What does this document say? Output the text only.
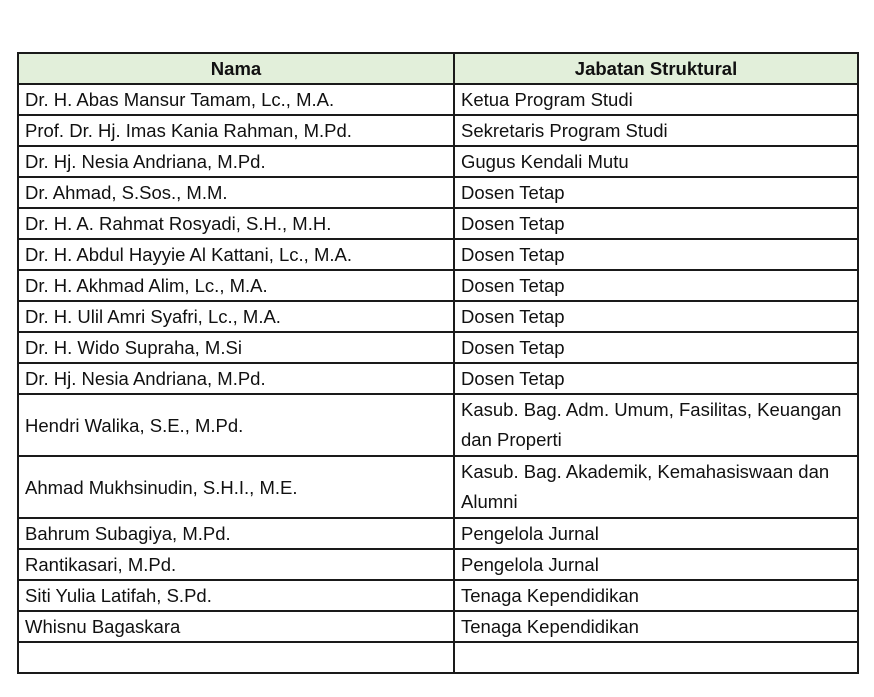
Nama	Jabatan Struktural
Dr. H. Abas Mansur Tamam, Lc., M.A.	Ketua Program Studi
Prof. Dr. Hj. Imas Kania Rahman, M.Pd.	Sekretaris Program Studi
Dr. Hj. Nesia Andriana, M.Pd.	Gugus Kendali Mutu
Dr. Ahmad, S.Sos., M.M.	Dosen Tetap
Dr. H. A. Rahmat Rosyadi, S.H., M.H.	Dosen Tetap
Dr. H. Abdul Hayyie Al Kattani, Lc., M.A.	Dosen Tetap
Dr. H. Akhmad Alim, Lc., M.A.	Dosen Tetap
Dr. H. Ulil Amri Syafri, Lc., M.A.	Dosen Tetap
Dr. H. Wido Supraha, M.Si	Dosen Tetap
Dr. Hj. Nesia Andriana, M.Pd.	Dosen Tetap
Hendri Walika, S.E., M.Pd.	Kasub. Bag. Adm. Umum, Fasilitas, Keuangan dan Properti
Ahmad Mukhsinudin, S.H.I., M.E.	Kasub. Bag. Akademik, Kemahasiswaan dan Alumni
Bahrum Subagiya, M.Pd.	Pengelola Jurnal
Rantikasari, M.Pd.	Pengelola Jurnal
Siti Yulia Latifah, S.Pd.	Tenaga Kependidikan
Whisnu Bagaskara	Tenaga Kependidikan
